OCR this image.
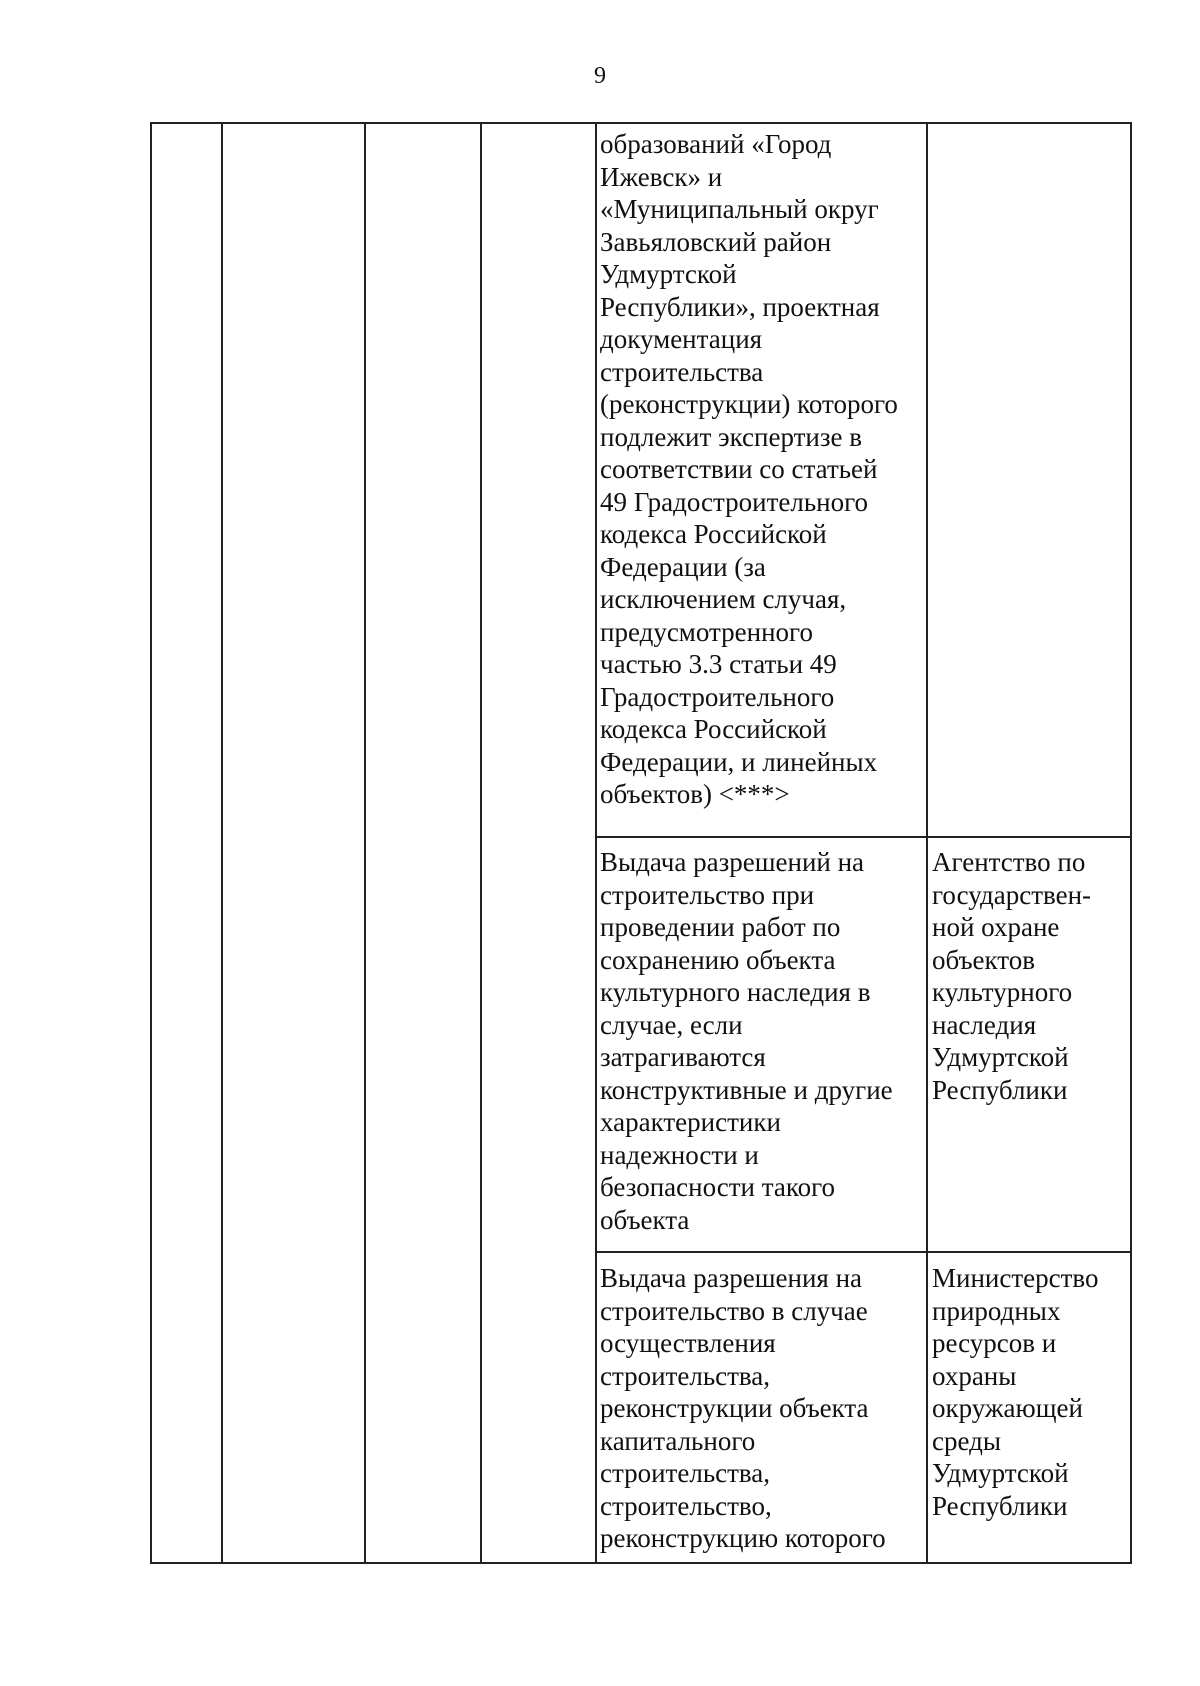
9
образований «Город
Ижевск» и
«Муниципальный округ
Завьяловский район
Удмуртской
Республики», проектная
документация
строительства
(реконструкции) которого
подлежит экспертизе в
соответствии со статьей
49 Градостроительного
кодекса Российской
Федерации (за
исключением случая,
предусмотренного
частью 3.3 статьи 49
Градостроительного
кодекса Российской
Федерации, и линейных
объектов) <***>
Выдача разрешений на
строительство при
проведении работ по
сохранению объекта
культурного наследия в
случае, если
затрагиваются
конструктивные и другие
характеристики
надежности и
безопасности такого
объекта
Агентство по
государствен-
ной охране
объектов
культурного
наследия
Удмуртской
Республики
Выдача разрешения на
строительство в случае
осуществления
строительства,
реконструкции объекта
капитального
строительства,
строительство,
реконструкцию которого
Министерство
природных
ресурсов и
охраны
окружающей
среды
Удмуртской
Республики
